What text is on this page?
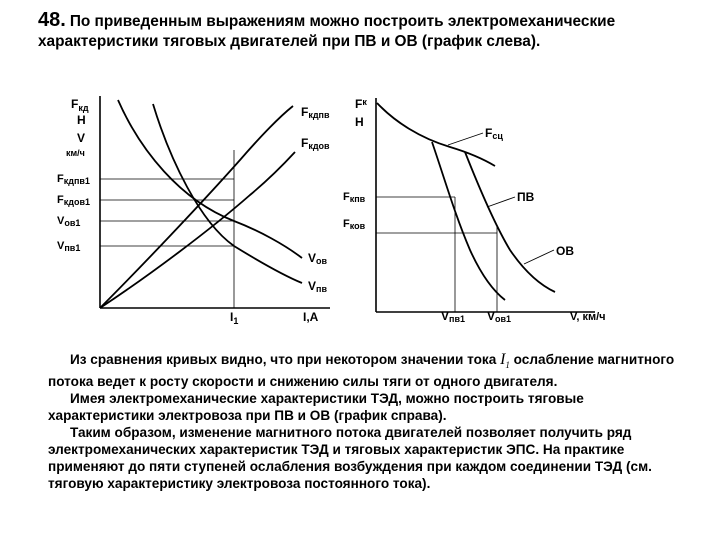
48. По приведенным выражениям можно построить электромеханические характеристики тяговых двигателей при ПВ и ОВ (график слева).
$F_{кд}$
Н
V
км/ч
Fкдпв1
Fкдов1
Vов1
Vпв1
Fкдпв
Fкдов
Vов
Vпв
$I_1$	I,A
$F^к$
Н
Fсц
Fкпв
Fков
ПВ
ОВ
Vпв1 Vов1	V, км/ч

Из сравнения кривых видно, что при некотором значении тока $I_1$ ослабление магнитного потока ведет к росту скорости и снижению силы тяги от одного двигателя.

Имея электромеханические характеристики ТЭД, можно построить тяговые характеристики электровоза при ПВ и ОВ (график справа).

Таким образом, изменение магнитного потока двигателей позволяет получить ряд электромеханических характеристик ТЭД и тяговых характеристик ЭПС. На практике применяют до пяти ступеней ослабления возбуждения при каждом соединении ТЭД (см. тяговую характеристику электровоза постоянного тока).
